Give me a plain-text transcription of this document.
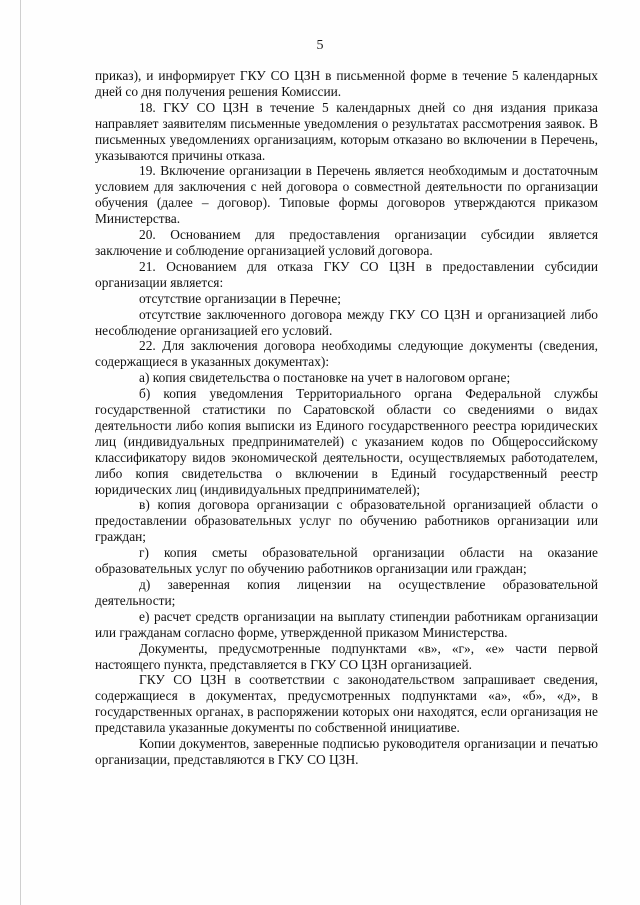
5

приказ), и информирует ГКУ СО ЦЗН в письменной форме в течение 5 календарных дней со дня получения решения Комиссии.

18. ГКУ СО ЦЗН в течение 5 календарных дней со дня издания приказа направляет заявителям письменные уведомления о результатах рассмотрения заявок. В письменных уведомлениях организациям, которым отказано во включении в Перечень, указываются причины отказа.

19. Включение организации в Перечень является необходимым и достаточным условием для заключения с ней договора о совместной деятельности по организации обучения (далее – договор). Типовые формы договоров утверждаются приказом Министерства.

20. Основанием для предоставления организации субсидии является заключение и соблюдение организацией условий договора.

21. Основанием для отказа ГКУ СО ЦЗН в предоставлении субсидии организации является:

отсутствие организации в Перечне;

отсутствие заключенного договора между ГКУ СО ЦЗН и организацией либо несоблюдение организацией его условий.

22. Для заключения договора необходимы следующие документы (сведения, содержащиеся в указанных документах):

а) копия свидетельства о постановке на учет в налоговом органе;

б) копия уведомления Территориального органа Федеральной службы государственной статистики по Саратовской области со сведениями о видах деятельности либо копия выписки из Единого государственного реестра юридических лиц (индивидуальных предпринимателей) с указанием кодов по Общероссийскому классификатору видов экономической деятельности, осуществляемых работодателем, либо копия свидетельства о включении в Единый государственный реестр юридических лиц (индивидуальных предпринимателей);

в) копия договора организации с образовательной организацией области о предоставлении образовательных услуг по обучению работников организации или граждан;

г) копия сметы образовательной организации области на оказание образовательных услуг по обучению работников организации или граждан;

д) заверенная копия лицензии на осуществление образовательной деятельности;

е) расчет средств организации на выплату стипендии работникам организации или гражданам согласно форме, утвержденной приказом Министерства.

Документы, предусмотренные подпунктами «в», «г», «е» части первой настоящего пункта, представляется в ГКУ СО ЦЗН организацией.

ГКУ СО ЦЗН в соответствии с законодательством запрашивает сведения, содержащиеся в документах, предусмотренных подпунктами «а», «б», «д», в государственных органах, в распоряжении которых они находятся, если организация не представила указанные документы по собственной инициативе.

Копии документов, заверенные подписью руководителя организации и печатью организации, представляются в ГКУ СО ЦЗН.
